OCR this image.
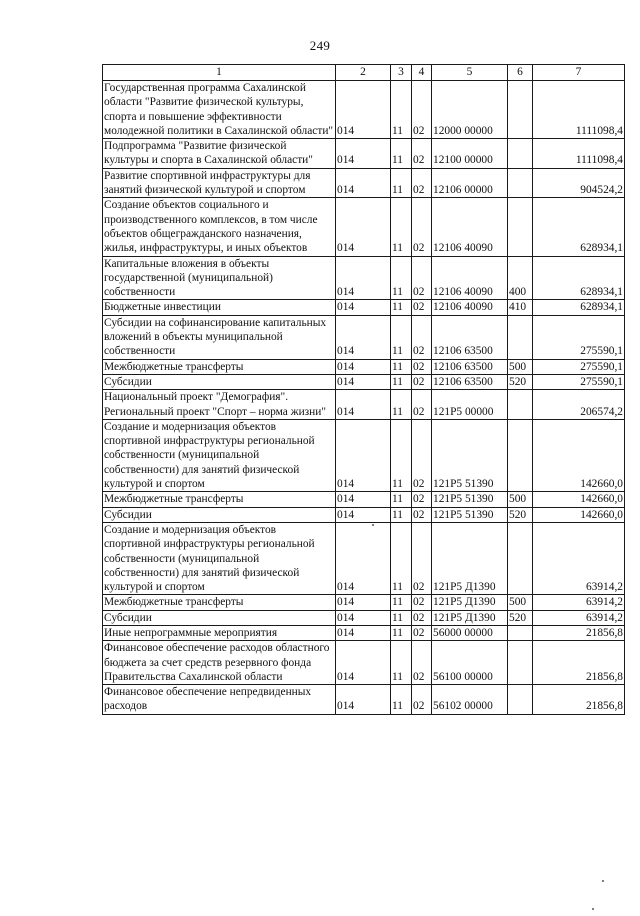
249
1	2	3	4	5	6	7
Государственная программа Сахалинской области "Развитие физической культуры, спорта и повышение эффективности молодежной политики в Сахалинской области"	014	11	02	12000 00000		1111098,4
Подпрограмма "Развитие физической культуры и спорта в Сахалинской области"	014	11	02	12100 00000		1111098,4
Развитие спортивной инфраструктуры для занятий физической культурой и спортом	014	11	02	12106 00000		904524,2
Создание объектов социального и производственного комплексов, в том числе объектов общегражданского назначения, жилья, инфраструктуры, и иных объектов	014	11	02	12106 40090		628934,1
Капитальные вложения в объекты государственной (муниципальной) собственности	014	11	02	12106 40090	400	628934,1
Бюджетные инвестиции	014	11	02	12106 40090	410	628934,1
Субсидии на софинансирование капитальных вложений в объекты муниципальной собственности	014	11	02	12106 63500		275590,1
Межбюджетные трансферты	014	11	02	12106 63500	500	275590,1
Субсидии	014	11	02	12106 63500	520	275590,1
Национальный проект "Демография". Региональный проект "Спорт – норма жизни"	014	11	02	121P5 00000		206574,2
Создание и модернизация объектов спортивной инфраструктуры региональной собственности (муниципальной собственности) для занятий физической культурой и спортом	014	11	02	121P5 51390		142660,0
Межбюджетные трансферты	014	11	02	121P5 51390	500	142660,0
Субсидии	014	11	02	121P5 51390	520	142660,0
Создание и модернизация объектов спортивной инфраструктуры региональной собственности (муниципальной собственности) для занятий физической культурой и спортом	014	11	02	121P5 Д1390		63914,2
Межбюджетные трансферты	014	11	02	121P5 Д1390	500	63914,2
Субсидии	014	11	02	121P5 Д1390	520	63914,2
Иные непрограммные мероприятия	014	11	02	56000 00000		21856,8
Финансовое обеспечение расходов областного бюджета за счет средств резервного фонда Правительства Сахалинской области	014	11	02	56100 00000		21856,8
Финансовое обеспечение непредвиденных расходов	014	11	02	56102 00000		21856,8
